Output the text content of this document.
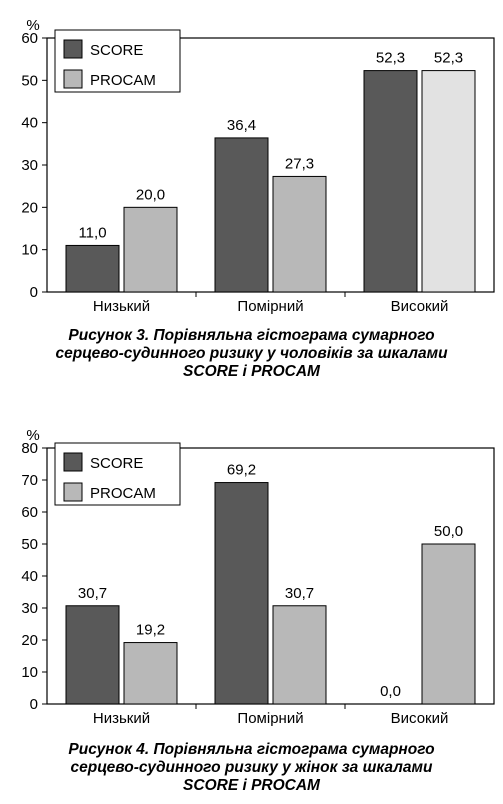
%
0
10
20
30
40
50
60
Низький	Помірний	Високий
11,0
36,4
52,3
20,0
27,3
52,3
SCORE
PROCAM
Рисунок 3. Порівняльна гістограма сумарного
серцево-судинного ризику у чоловіків за шкалами
SCORE і PROCAM
%
0
10
20
30
40
50
60
70
80
Низький	Помірний	Високий
30,7
69,2
0,0
19,2
30,7
50,0
SCORE
PROCAM
Рисунок 4. Порівняльна гістограма сумарного
серцево-судинного ризику у жінок за шкалами
SCORE і PROCAM
